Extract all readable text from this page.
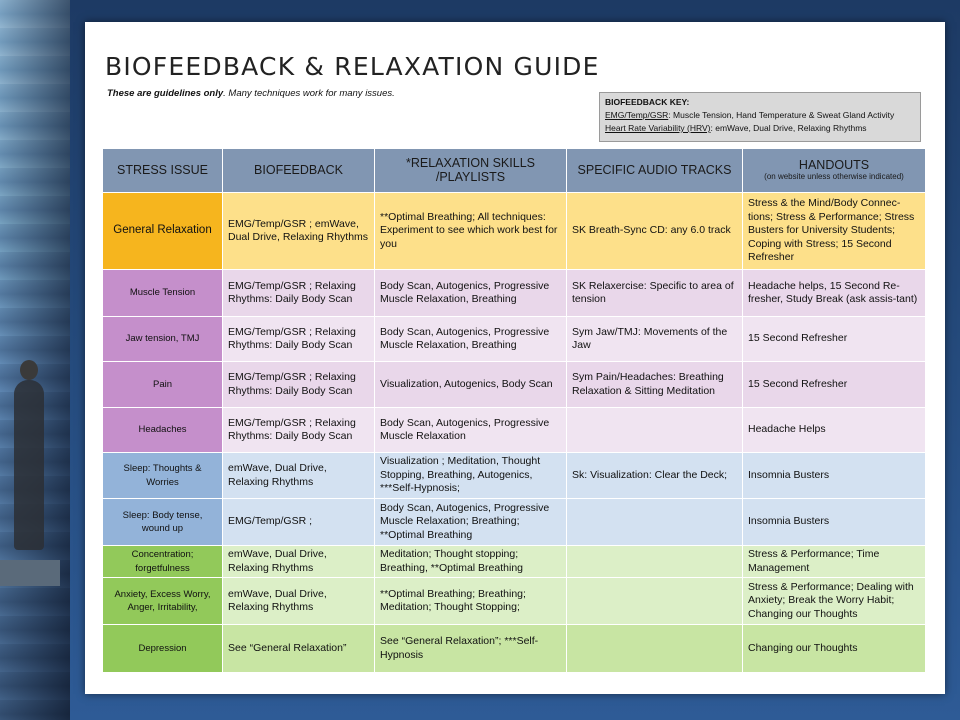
BIOFEEDBACK & RELAXATION GUIDE
These are guidelines only. Many techniques work for many issues.
BIOFEEDBACK KEY:
EMG/Temp/GSR: Muscle Tension, Hand Temperature & Sweat Gland Activity
Heart Rate Variability (HRV): emWave, Dual Drive, Relaxing Rhythms
STRESS ISSUE	BIOFEEDBACK	*RELAXATION SKILLS /PLAYLISTS	SPECIFIC AUDIO TRACKS	HANDOUTS
(on website unless otherwise indicated)

General Relaxation	EMG/Temp/GSR ; emWave, Dual Drive, Relaxing Rhythms	**Optimal Breathing; All techniques: Experiment to see which work best for you	SK Breath-Sync CD: any 6.0 track	Stress & the Mind/Body Connec-tions; Stress & Performance; Stress Busters for University Students; Coping with Stress; 15 Second Refresher
Muscle Tension	EMG/Temp/GSR ; Relaxing Rhythms: Daily Body Scan	Body Scan, Autogenics, Progressive Muscle Relaxation, Breathing	SK Relaxercise: Specific to area of tension	Headache helps, 15 Second Re-fresher, Study Break (ask assis-tant)
Jaw tension, TMJ	EMG/Temp/GSR ; Relaxing Rhythms: Daily Body Scan	Body Scan, Autogenics, Progressive Muscle Relaxation, Breathing	Sym Jaw/TMJ: Movements of the Jaw	15 Second Refresher
Pain	EMG/Temp/GSR ; Relaxing Rhythms: Daily Body Scan	Visualization, Autogenics, Body Scan	Sym Pain/Headaches: Breathing Relaxation & Sitting Meditation	15 Second Refresher
Headaches	EMG/Temp/GSR ; Relaxing Rhythms: Daily Body Scan	Body Scan, Autogenics, Progressive Muscle Relaxation		Headache Helps
Sleep: Thoughts & Worries	emWave, Dual Drive, Relaxing Rhythms	Visualization ; Meditation, Thought Stopping, Breathing, Autogenics, ***Self-Hypnosis;	Sk: Visualization: Clear the Deck;	Insomnia Busters
Sleep: Body tense, wound up	EMG/Temp/GSR ;	Body Scan, Autogenics, Progressive Muscle Relaxation; Breathing; **Optimal Breathing		Insomnia Busters
Concentration; forgetfulness	emWave, Dual Drive, Relaxing Rhythms	Meditation; Thought stopping; Breathing, **Optimal Breathing		Stress & Performance; Time Management
Anxiety, Excess Worry, Anger, Irritability,	emWave, Dual Drive, Relaxing Rhythms	**Optimal Breathing; Breathing; Meditation; Thought Stopping;		Stress & Performance; Dealing with Anxiety; Break the Worry Habit; Changing our Thoughts
Depression	See “General Relaxation”	See “General Relaxation”; ***Self-Hypnosis		Changing our Thoughts
